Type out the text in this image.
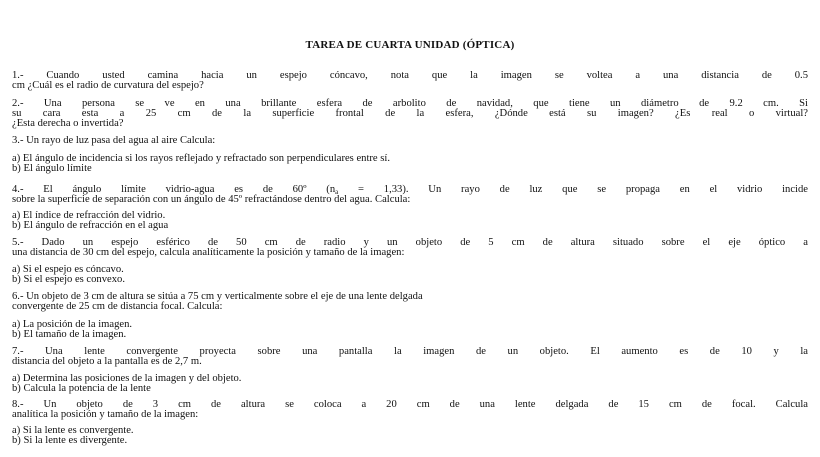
TAREA DE CUARTA UNIDAD (ÓPTICA)
1.- Cuando usted camina hacia un espejo cóncavo, nota que la imagen se voltea a una distancia de 0.5
cm ¿Cuál es el radio de curvatura del espejo?
2.- Una persona se ve en una brillante esfera de arbolito de navidad, que tiene un diámetro de 9.2 cm. Si
su cara esta a 25 cm de la superficie frontal de la esfera, ¿Dónde está su imagen? ¿Es real o virtual?
¿Esta derecha o invertida?
3.- Un rayo de luz pasa del agua al aire Calcula:
a) El ángulo de incidencia si los rayos reflejado y refractado son perpendiculares entre sí.
b) El ángulo límite
4.- El ángulo límite vidrio-agua es de 60º $(n_a = 1,33)$. Un rayo de luz que se propaga en el vidrio incide
sobre la superficie de separación con un ángulo de 45º refractándose dentro del agua. Calcula:
a) El índice de refracción del vidrio.
b) El ángulo de refracción en el agua
5.- Dado un espejo esférico de 50 cm de radio y un objeto de 5 cm de altura situado sobre el eje óptico a
una distancia de 30 cm del espejo, calcula analíticamente la posición y tamaño de la imagen:
a) Si el espejo es cóncavo.
b) Si el espejo es convexo.
6.- Un objeto de 3 cm de altura se sitúa a 75 cm y verticalmente sobre el eje de una lente delgada
convergente de 25 cm de distancia focal. Calcula:
a) La posición de la imagen.
b) El tamaño de la imagen.
7.- Una lente convergente proyecta sobre una pantalla la imagen de un objeto. El aumento es de 10 y la
distancia del objeto a la pantalla es de 2,7 m.
a) Determina las posiciones de la imagen y del objeto.
b) Calcula la potencia de la lente
8.- Un objeto de 3 cm de altura se coloca a 20 cm de una lente delgada de 15 cm de focal. Calcula
analítica la posición y tamaño de la imagen:
a) Si la lente es convergente.
b) Si la lente es divergente.
